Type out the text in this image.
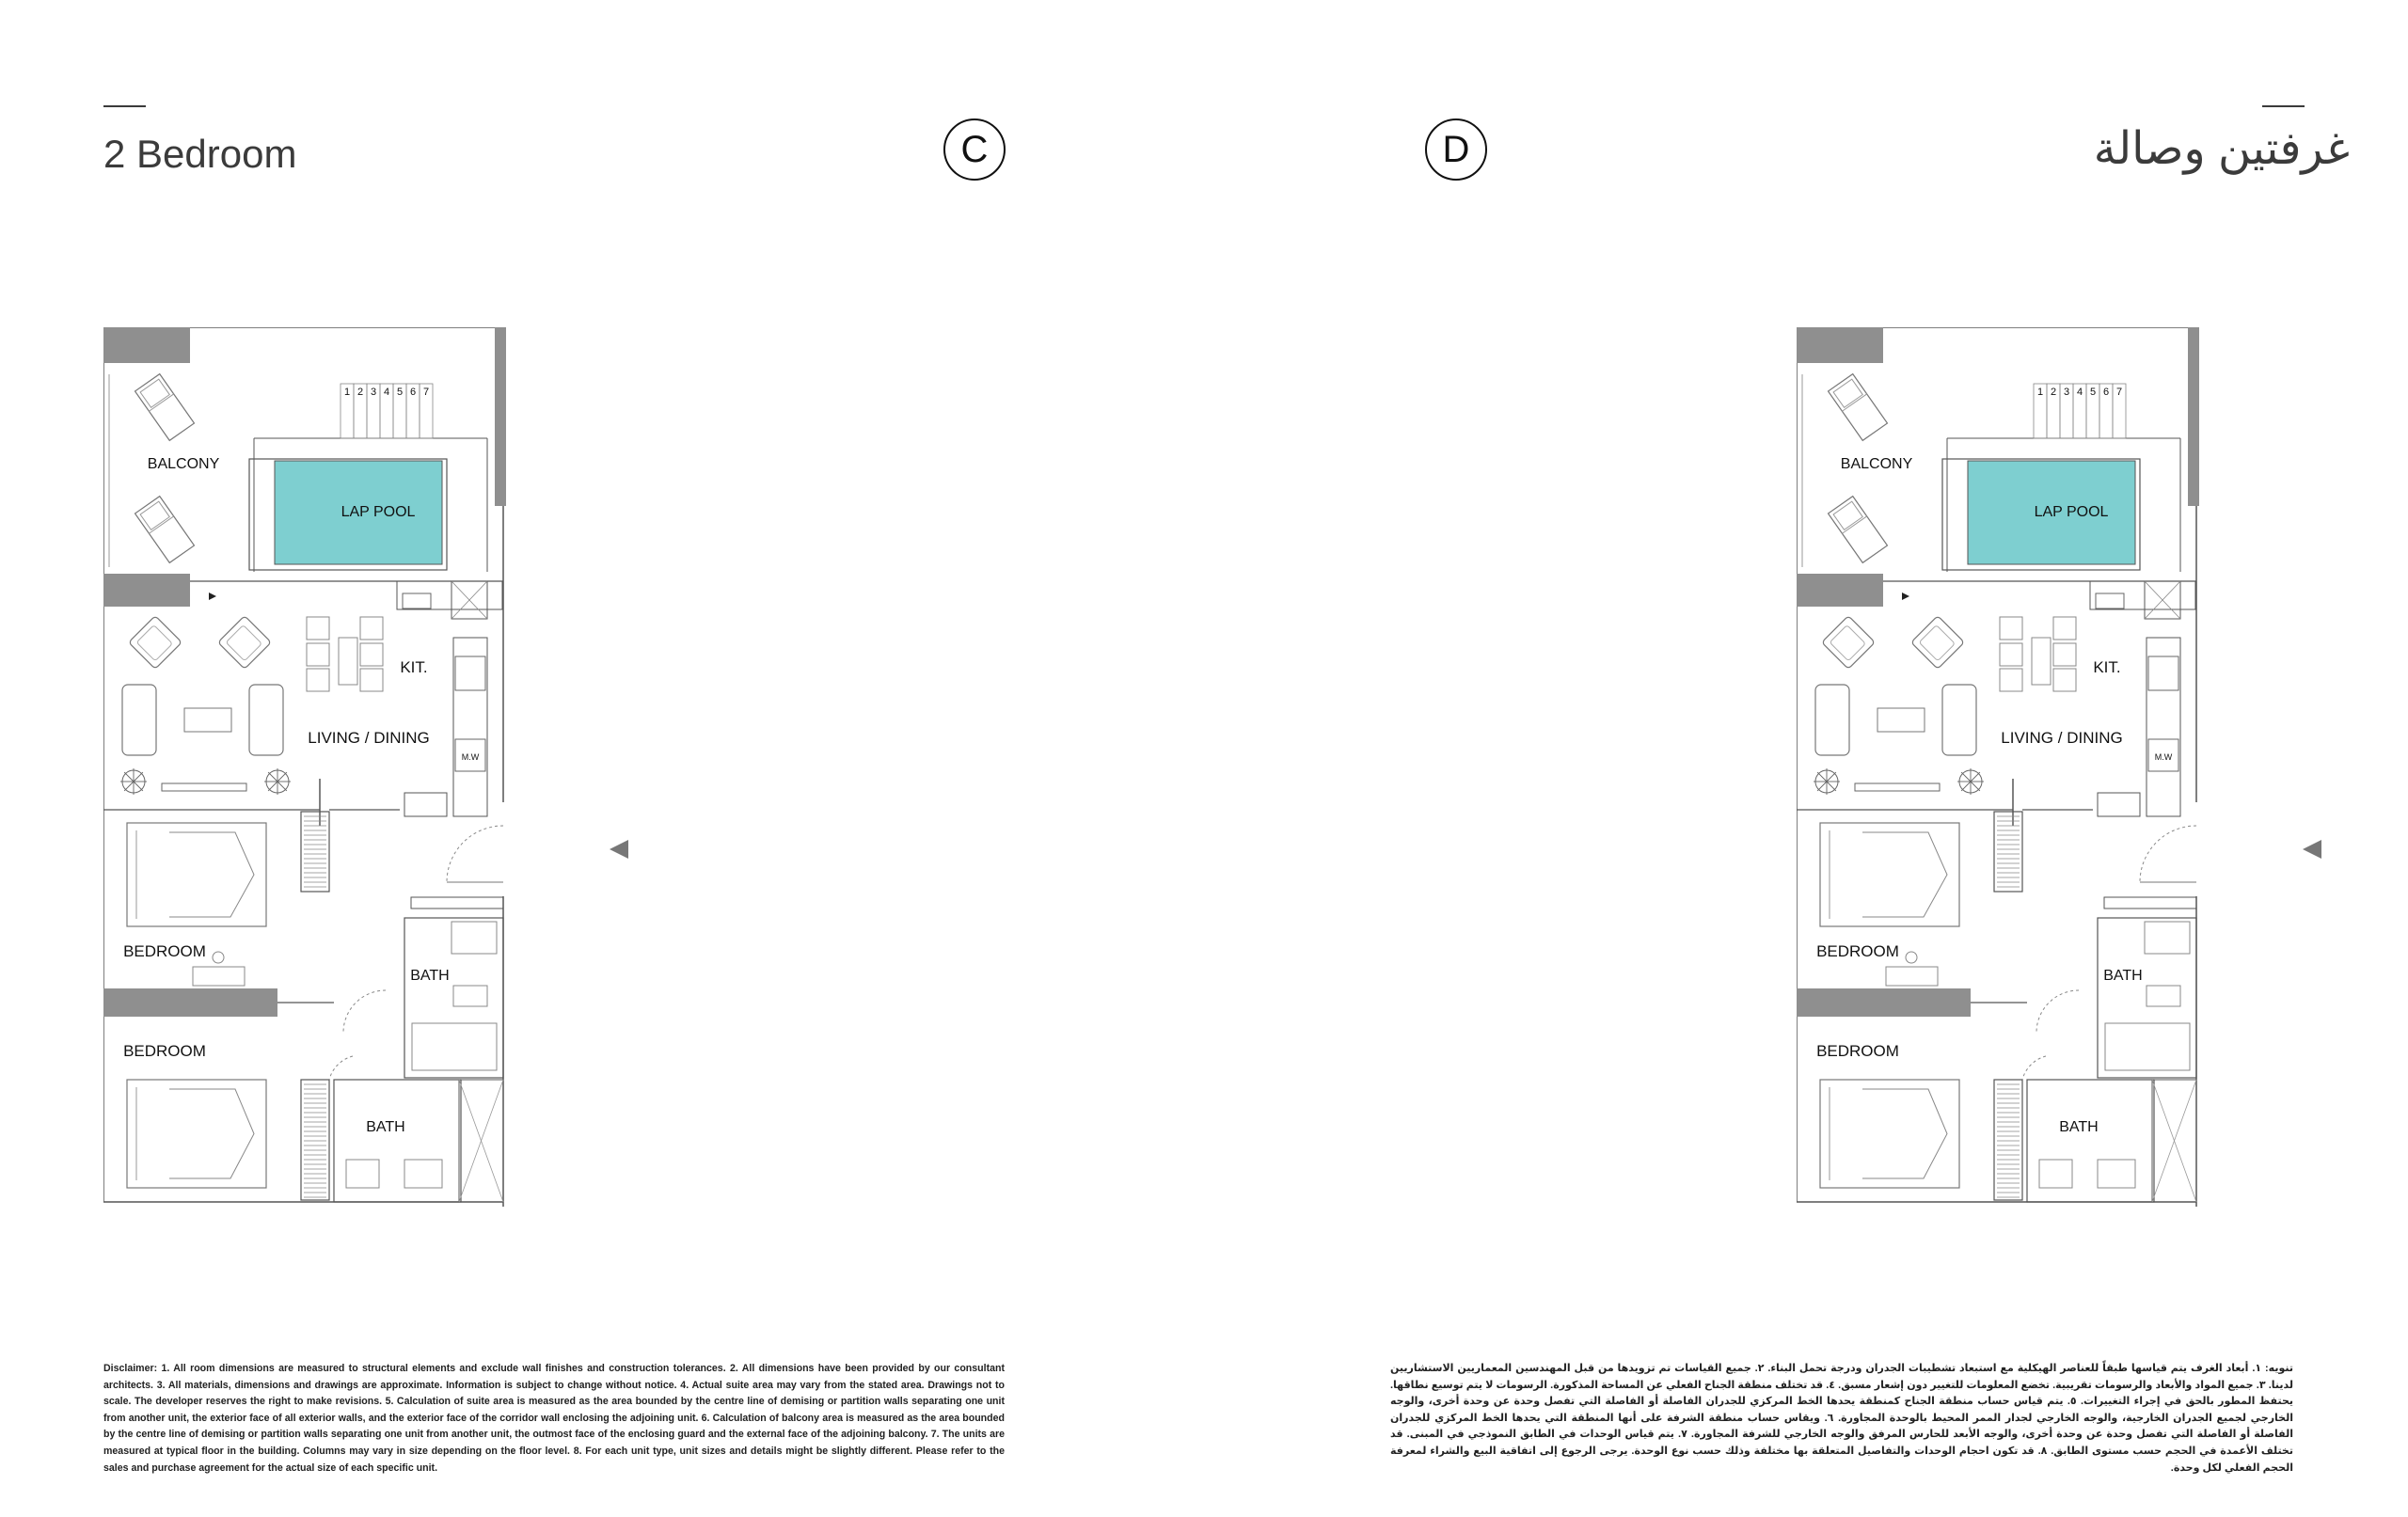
2 Bedroom	C	D	غرفتين وصالة
1 2 3 4 5 6 7
BALCONY
LAP POOL
M.W
KIT.
LIVING / DINING
BEDROOM
BATH
BEDROOM
BATH
1 2 3 4 5 6 7
BALCONY
LAP POOL
M.W
KIT.
LIVING / DINING
BEDROOM
BATH
BEDROOM
BATH
Disclaimer: 1. All room dimensions are measured to structural elements and exclude wall finishes and construction tolerances. 2. All dimensions have been provided by our consultant architects. 3. All materials, dimensions and drawings are approximate. Information is subject to change without notice. 4. Actual suite area may vary from the stated area. Drawings not to scale. The developer reserves the right to make revisions. 5. Calculation of suite area is measured as the area bounded by the centre line of demising or partition walls separating one unit from another unit, the exterior face of all exterior walls, and the exterior face of the corridor wall enclosing the adjoining unit. 6. Calculation of balcony area is measured as the area bounded by the centre line of demising or partition walls separating one unit from another unit, the outmost face of the enclosing guard and the external face of the adjoining balcony. 7. The units are measured at typical floor in the building. Columns may vary in size depending on the floor level. 8. For each unit type, unit sizes and details might be slightly different. Please refer to the sales and purchase agreement for the actual size of each specific unit.
تنويه: ١. أبعاد الغرف يتم قياسها طبقاً للعناصر الهيكلية مع استبعاد تشطيبات الجدران ودرجة تحمل البناء. ٢. جميع القياسات تم تزويدها من قبل المهندسين المعماريين الاستشاريين لدينا. ٣. جميع المواد والأبعاد والرسومات تقريبية. تخضع المعلومات للتغيير دون إشعار مسبق. ٤. قد تختلف منطقة الجناح الفعلي عن المساحة المذكورة. الرسومات لا يتم توسيع نطاقها. يحتفظ المطور بالحق في إجراء التغييرات. ٥. يتم قياس حساب منطقة الجناح كمنطقة يحدها الخط المركزي للجدران الفاصلة أو الفاصلة التي تفصل وحدة عن وحدة أخرى، والوجه الخارجي لجميع الجدران الخارجية، والوجه الخارجي لجدار الممر المحيط بالوحدة المجاورة. ٦. ويقاس حساب منطقة الشرفة على أنها المنطقة التي يحدها الخط المركزي للجدران الفاصلة أو الفاصلة التي تفصل وحدة عن وحدة أخرى، والوجه الأبعد للحارس المرفق والوجه الخارجي للشرفة المجاورة. ٧. يتم قياس الوحدات في الطابق النموذجي في المبنى. قد تختلف الأعمدة في الحجم حسب مستوى الطابق. ٨. قد تكون احجام الوحدات والتفاصيل المتعلقة بها مختلفة وذلك حسب نوع الوحدة. يرجى الرجوع إلى اتفاقية البيع والشراء لمعرفة الحجم الفعلي لكل وحدة.
